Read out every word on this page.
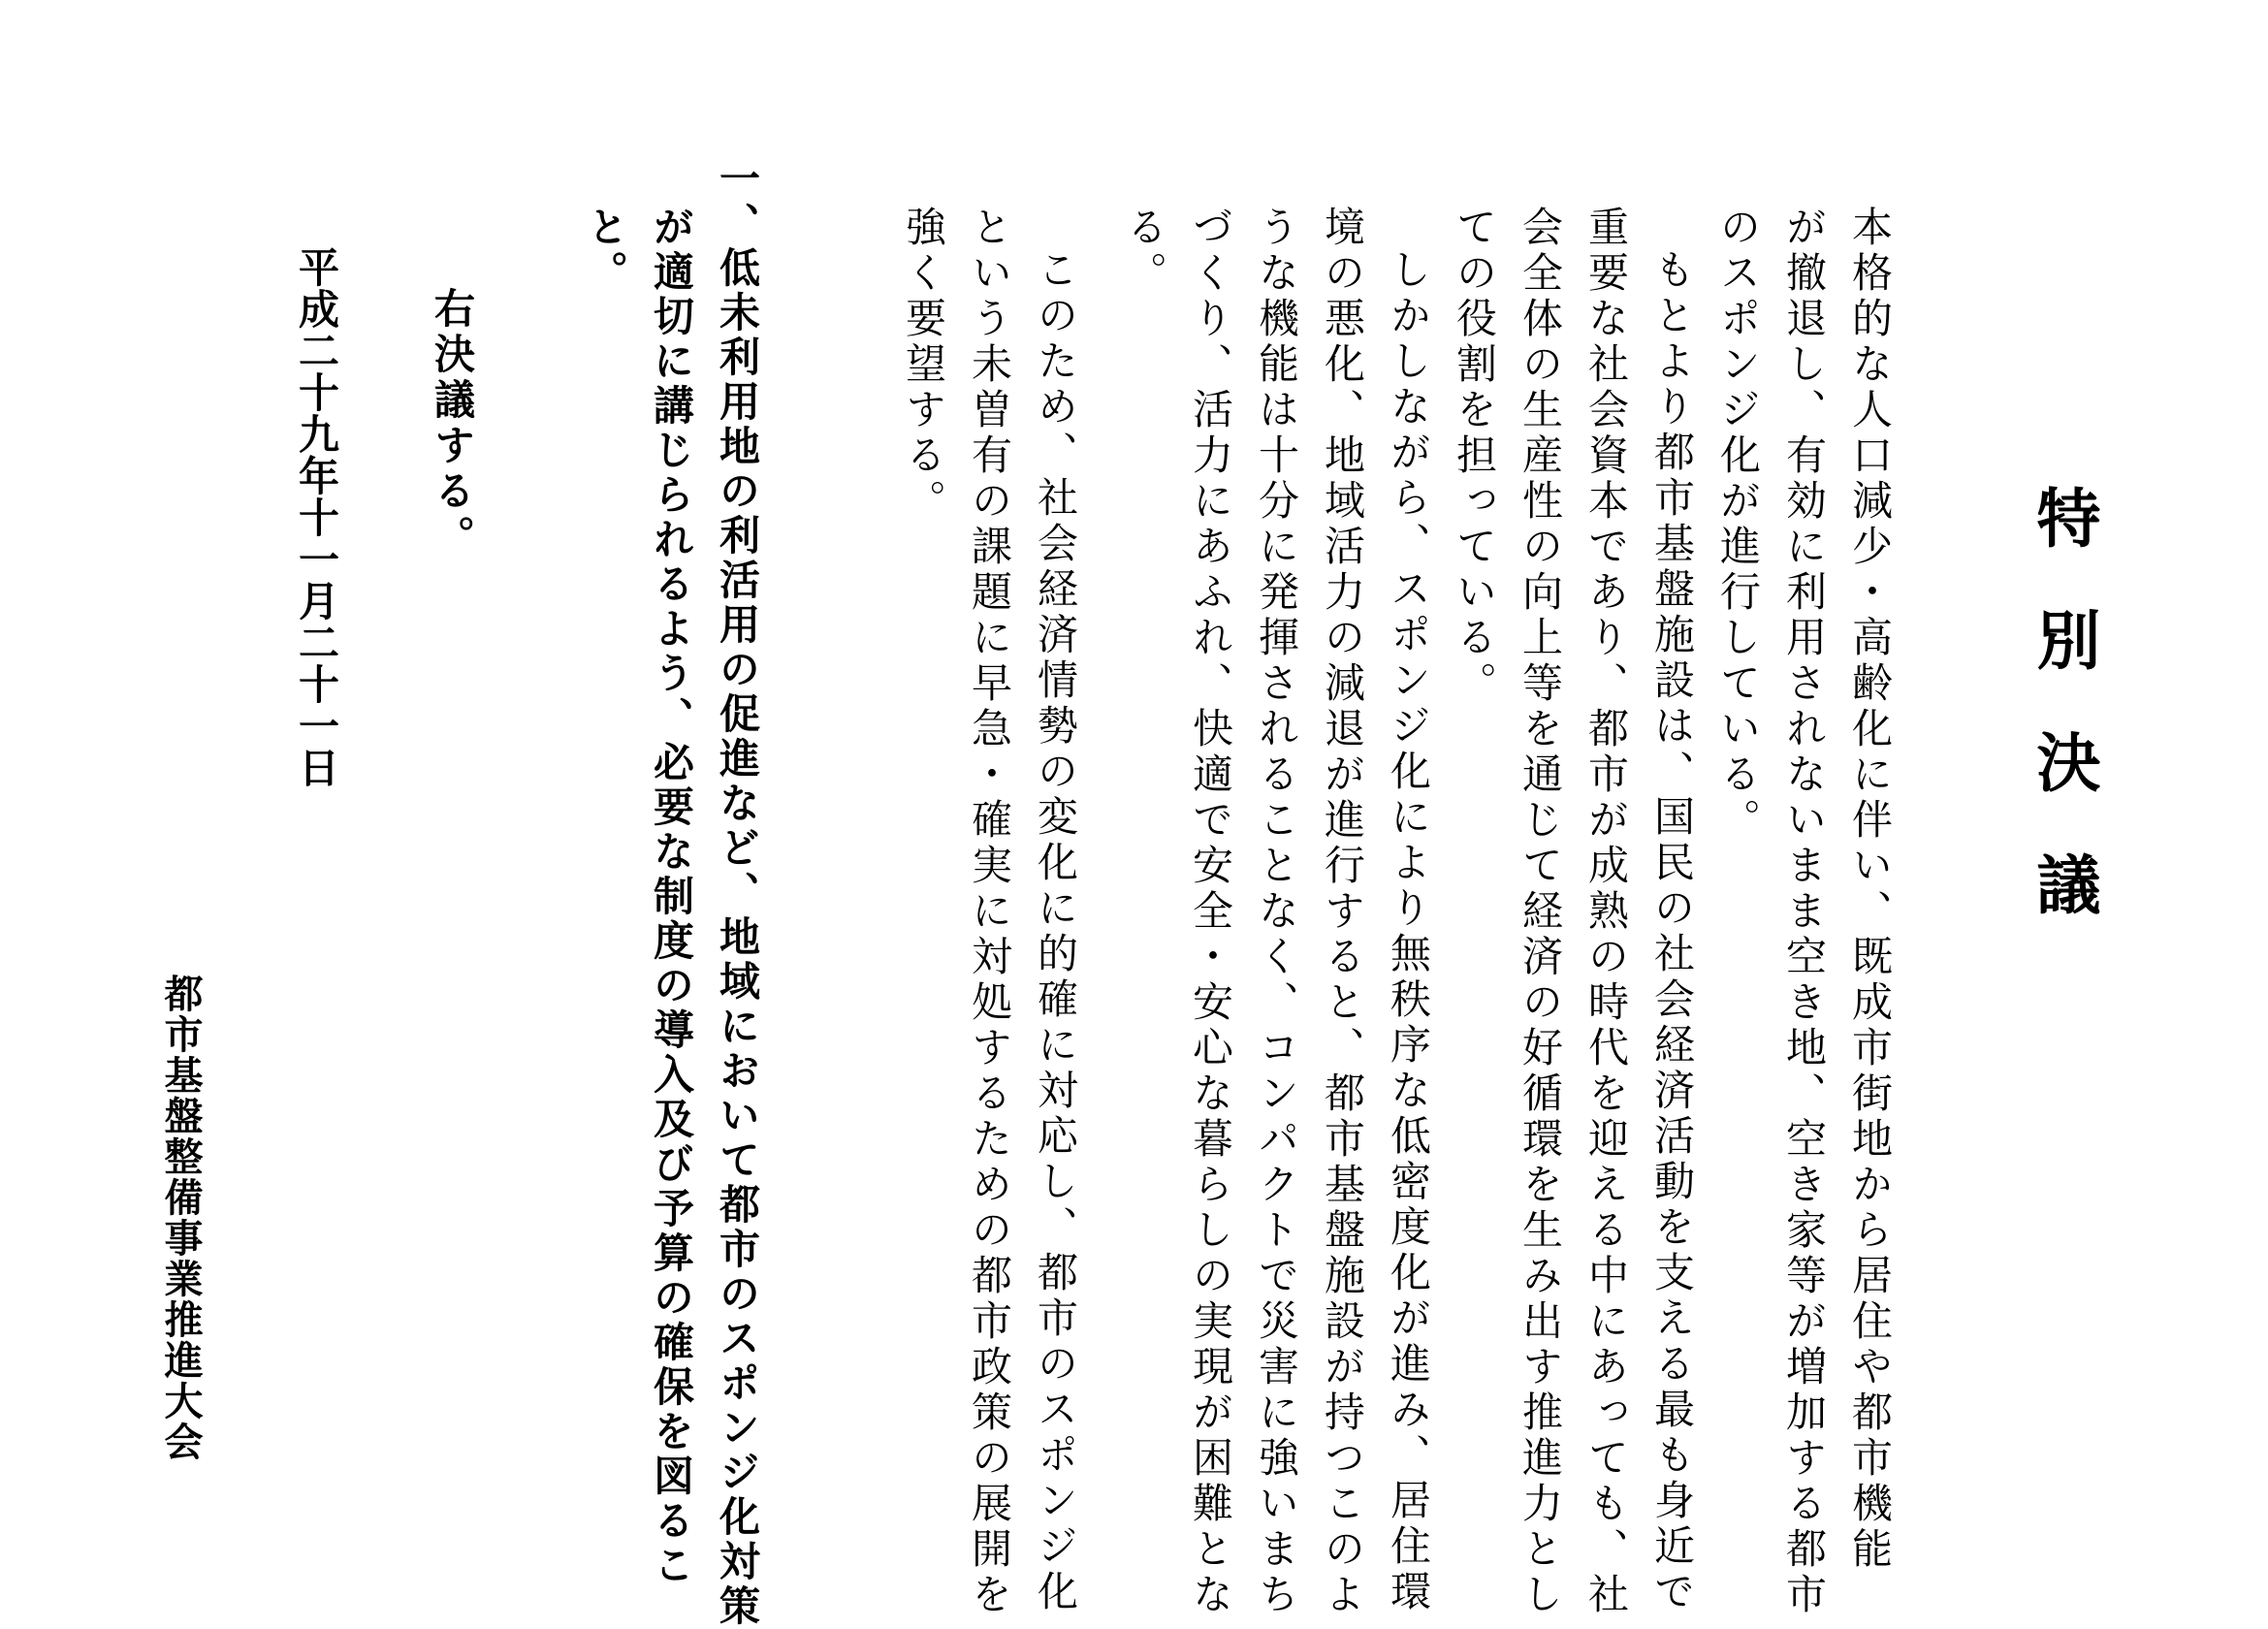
特別決議
本格的な人口減少・高齢化に伴い、既成市街地から居住や都市機能
が撤退し、有効に利用されないまま空き地、空き家等が増加する都市
のスポンジ化が進行している。
もとより都市基盤施設は、国民の社会経済活動を支える最も身近で
重要な社会資本であり、都市が成熟の時代を迎える中にあっても、社
会全体の生産性の向上等を通じて経済の好循環を生み出す推進力とし
ての役割を担っている。
しかしながら、スポンジ化により無秩序な低密度化が進み、居住環
境の悪化、地域活力の減退が進行すると、都市基盤施設が持つこのよ
うな機能は十分に発揮されることなく、コンパクトで災害に強いまち
づくり、活力にあふれ、快適で安全・安心な暮らしの実現が困難とな
る。
このため、社会経済情勢の変化に的確に対応し、都市のスポンジ化
という未曽有の課題に早急・確実に対処するための都市政策の展開を
強く要望する。
一、低未利用地の利活用の促進など、地域において都市のスポンジ化対策
が適切に講じられるよう、必要な制度の導入及び予算の確保を図るこ
と。
右決議する。
平成二十九年十一月二十一日
都市基盤整備事業推進大会
